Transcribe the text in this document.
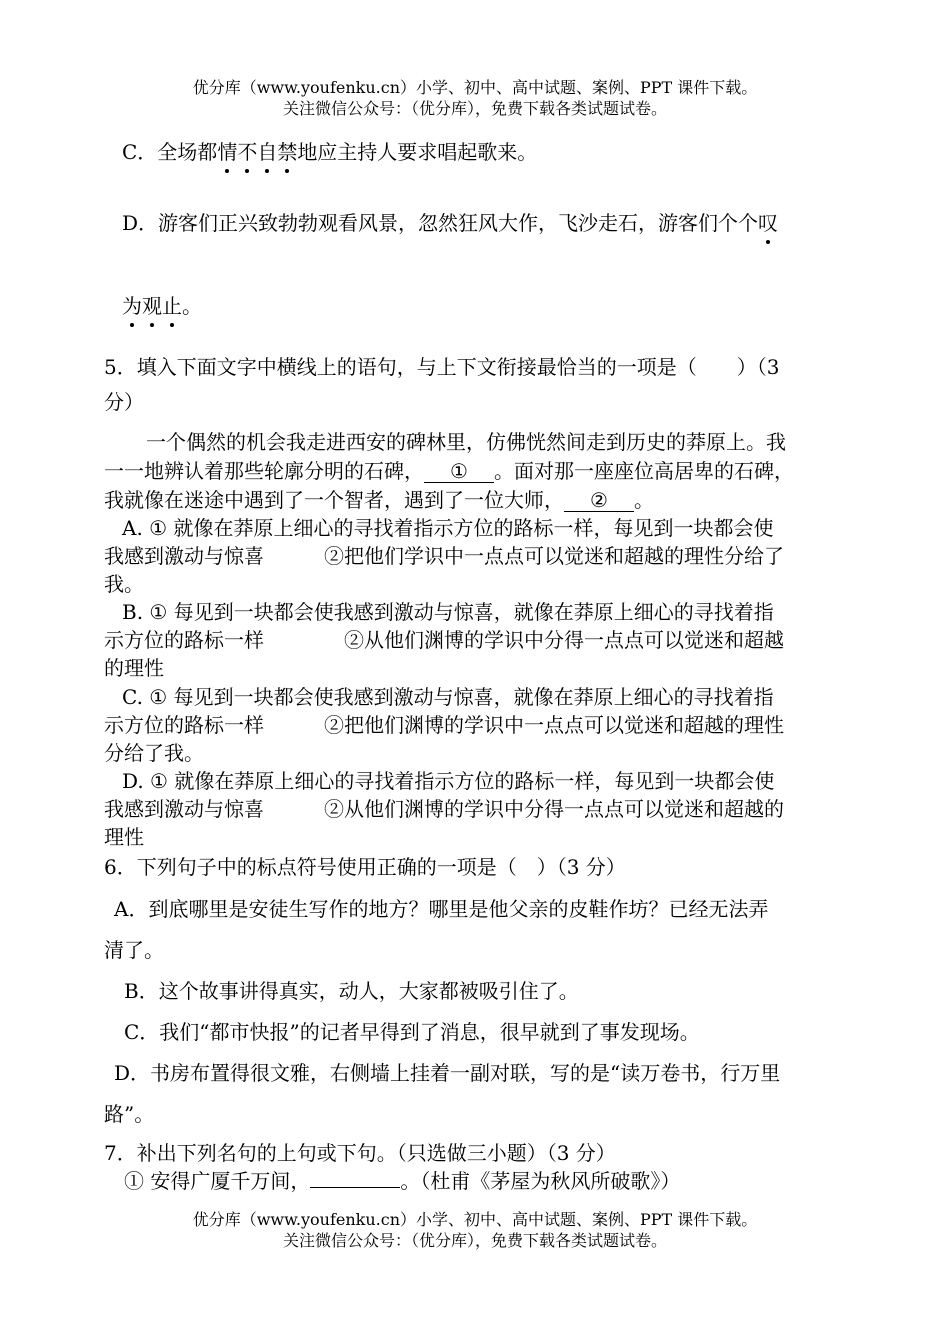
优分库（www.youfenku.cn）小学、初中、高中试题、案例、PPT 课件下载。
关注微信公众号：（优分库），免费下载各类试题试卷。
C．全场都情不自禁地应主持人要求唱起歌来。
D．游客们正兴致勃勃观看风景，忽然狂风大作，飞沙走石，游客们个个叹
为观止。
5．填入下面文字中横线上的语句，与上下文衔接最恰当的一项是（　　）（3
分）
一个偶然的机会我走进西安的碑林里，仿佛恍然间走到历史的莽原上。我
一一地辨认着那些轮廓分明的石碑， ① 。面对那一座座位高居卑的石碑，
我就像在迷途中遇到了一个智者，遇到了一位大师， ② 。
A. ① 就像在莽原上细心的寻找着指示方位的路标一样，每见到一块都会使
我感到激动与惊喜　　　②把他们学识中一点点可以觉迷和超越的理性分给了
我。
B. ① 每见到一块都会使我感到激动与惊喜，就像在莽原上细心的寻找着指
示方位的路标一样　　　　②从他们渊博的学识中分得一点点可以觉迷和超越
的理性
C. ① 每见到一块都会使我感到激动与惊喜，就像在莽原上细心的寻找着指
示方位的路标一样　　　②把他们渊博的学识中一点点可以觉迷和超越的理性
分给了我。
D. ① 就像在莽原上细心的寻找着指示方位的路标一样，每见到一块都会使
我感到激动与惊喜　　　②从他们渊博的学识中分得一点点可以觉迷和超越的
理性
6．下列句子中的标点符号使用正确的一项是（　）（3 分）
A．到底哪里是安徒生写作的地方？哪里是他父亲的皮鞋作坊？已经无法弄
清了。
B．这个故事讲得真实，动人，大家都被吸引住了。
C．我们“都市快报”的记者早得到了消息，很早就到了事发现场。
D．书房布置得很文雅，右侧墙上挂着一副对联，写的是“读万卷书，行万里
路”。
7．补出下列名句的上句或下句。（只选做三小题）（3 分）
① 安得广厦千万间，	。（杜甫《茅屋为秋风所破歌》）
优分库（www.youfenku.cn）小学、初中、高中试题、案例、PPT 课件下载。
关注微信公众号：（优分库），免费下载各类试题试卷。
